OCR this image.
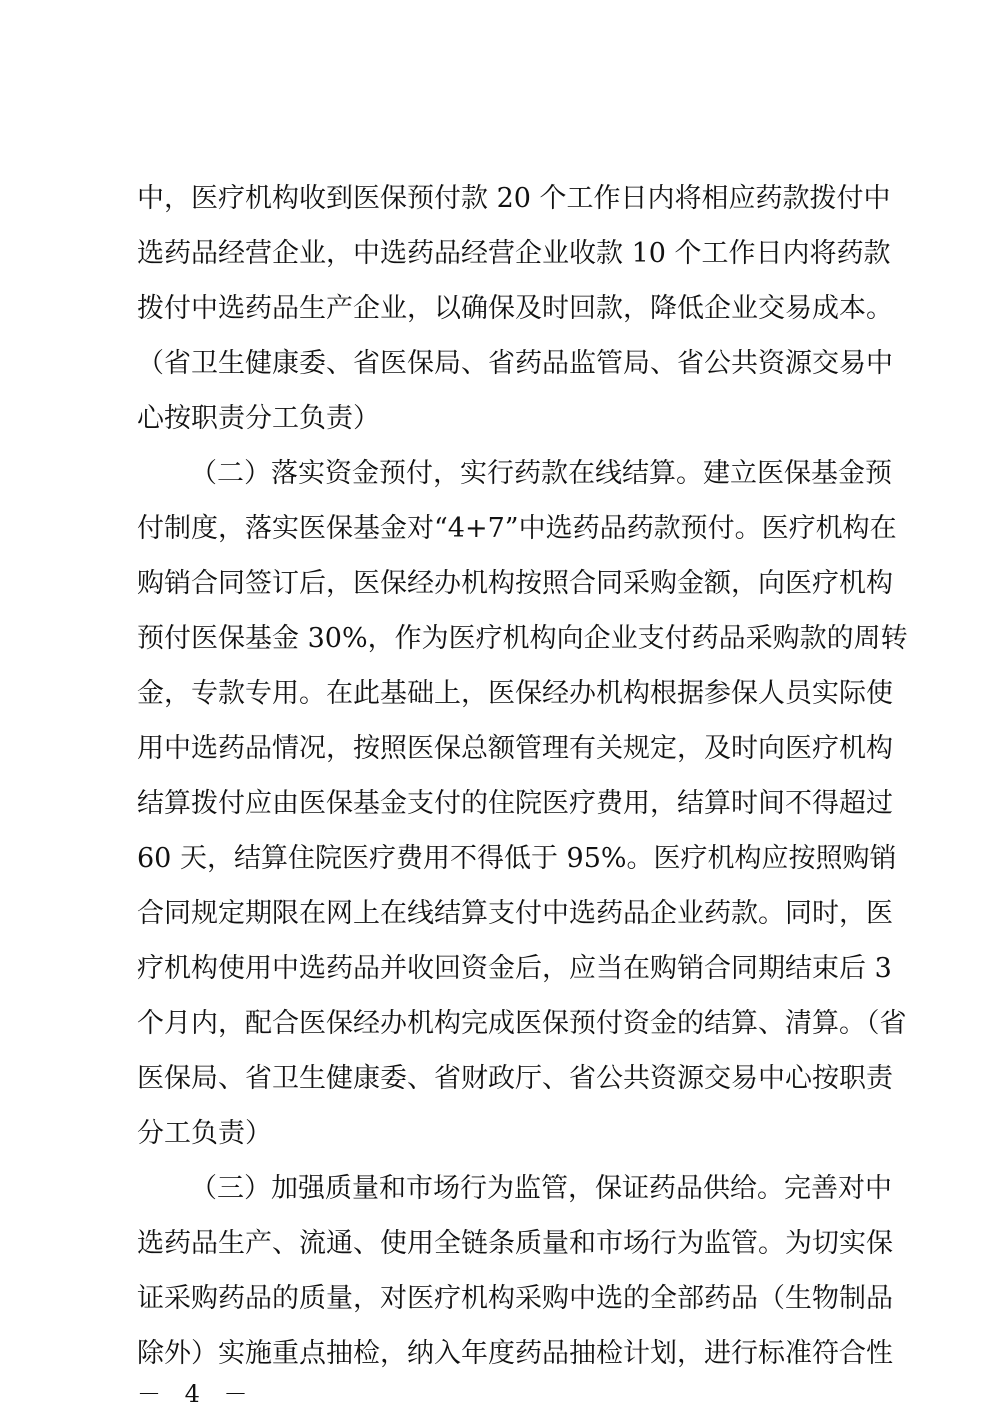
中，医疗机构收到医保预付款 20 个工作日内将相应药款拨付中
选药品经营企业，中选药品经营企业收款 10 个工作日内将药款
拨付中选药品生产企业，以确保及时回款，降低企业交易成本。
（省卫生健康委、省医保局、省药品监管局、省公共资源交易中
心按职责分工负责）
（二）落实资金预付，实行药款在线结算。建立医保基金预
付制度，落实医保基金对“4+7”中选药品药款预付。医疗机构在
购销合同签订后，医保经办机构按照合同采购金额，向医疗机构
预付医保基金 30%，作为医疗机构向企业支付药品采购款的周转
金，专款专用。在此基础上，医保经办机构根据参保人员实际使
用中选药品情况，按照医保总额管理有关规定，及时向医疗机构
结算拨付应由医保基金支付的住院医疗费用，结算时间不得超过
60 天，结算住院医疗费用不得低于 95%。医疗机构应按照购销
合同规定期限在网上在线结算支付中选药品企业药款。同时，医
疗机构使用中选药品并收回资金后，应当在购销合同期结束后 3
个月内，配合医保经办机构完成医保预付资金的结算、清算。（省
医保局、省卫生健康委、省财政厅、省公共资源交易中心按职责
分工负责）
（三）加强质量和市场行为监管，保证药品供给。完善对中
选药品生产、流通、使用全链条质量和市场行为监管。为切实保
证采购药品的质量，对医疗机构采购中选的全部药品（生物制品
除外）实施重点抽检，纳入年度药品抽检计划，进行标准符合性
－ 4 －
